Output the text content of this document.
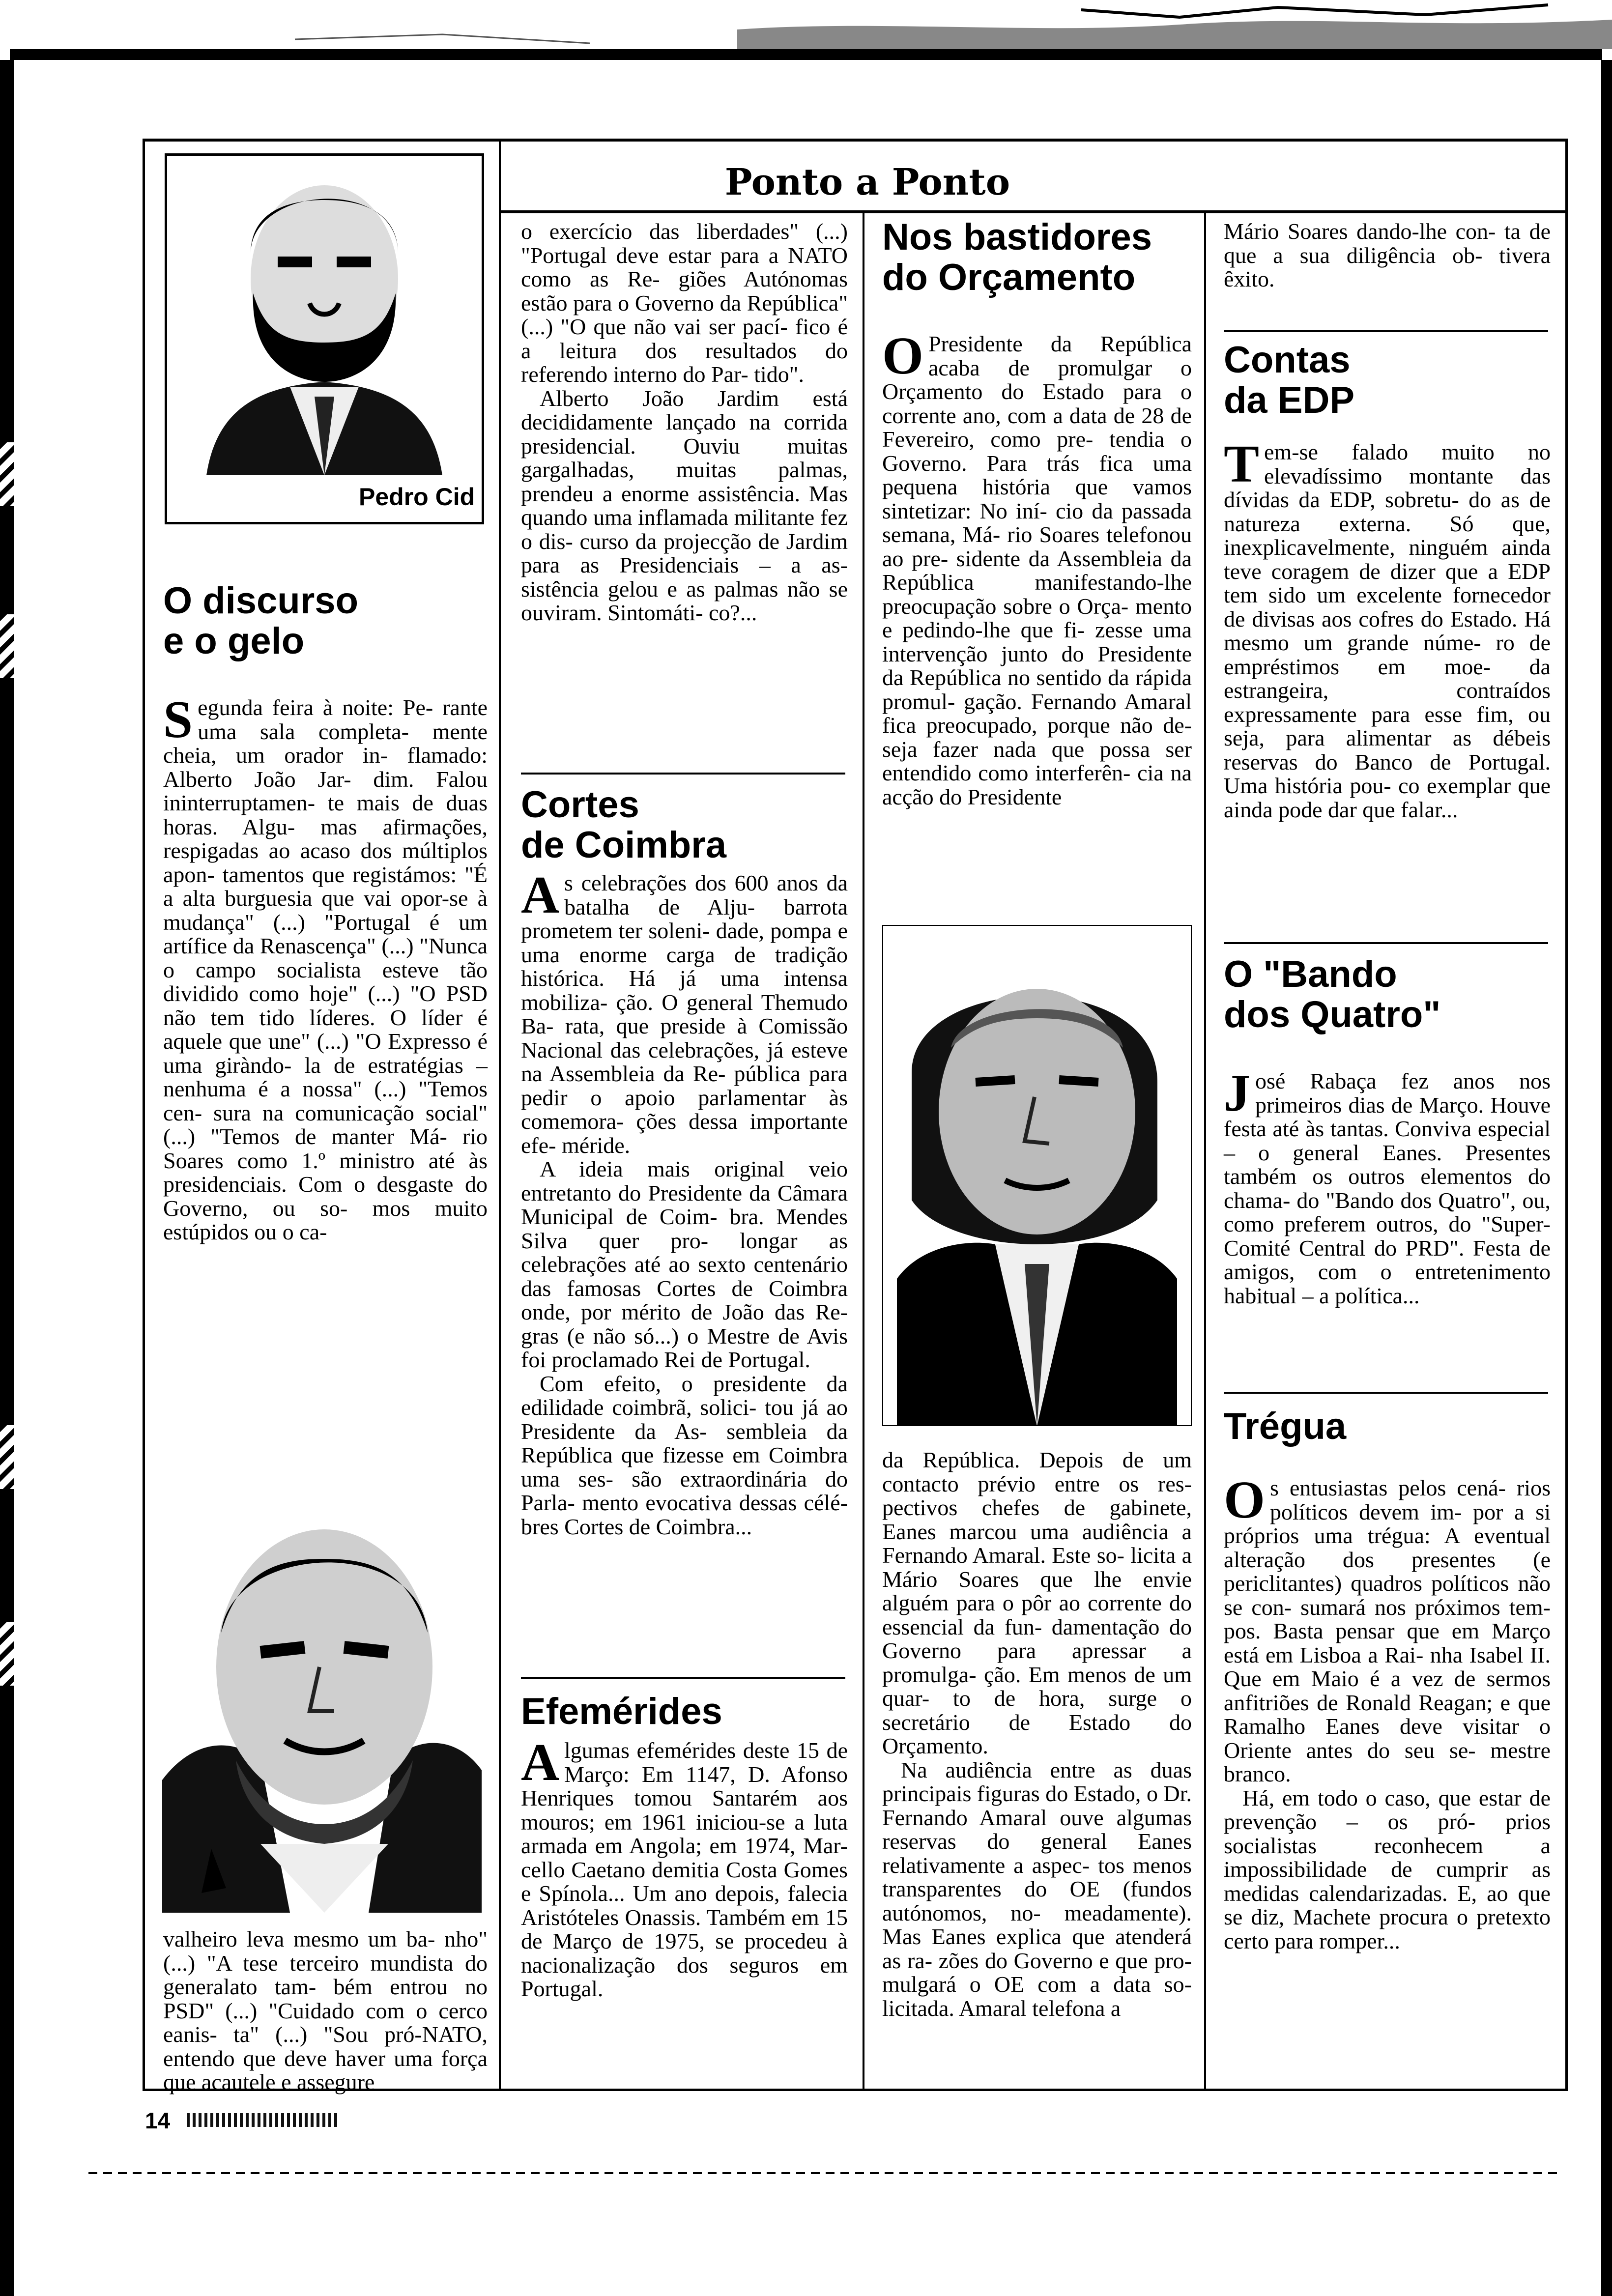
Ponto a Ponto
Pedro Cid
O discurso
e o gelo

Segunda feira à noite: Pe- rante uma sala completa- mente cheia, um orador in- flamado: Alberto João Jar- dim. Falou ininterruptamen- te mais de duas horas. Algu- mas afirmações, respigadas ao acaso dos múltiplos apon- tamentos que registámos: "É a alta burguesia que vai opor-se à mudança" (...) "Portugal é um artífice da Renascença" (...) "Nunca o campo socialista esteve tão dividido como hoje" (...) "O PSD não tem tido líderes. O líder é aquele que une" (...) "O Expresso é uma giràndo- la de estratégias – nenhuma é a nossa" (...) "Temos cen- sura na comunicação social" (...) "Temos de manter Má- rio Soares como 1.º ministro até às presidenciais. Com o desgaste do Governo, ou so- mos muito estúpidos ou o ca-

valheiro leva mesmo um ba- nho" (...) "A tese terceiro mundista do generalato tam- bém entrou no PSD" (...) "Cuidado com o cerco eanis- ta" (...) "Sou pró-NATO, entendo que deve haver uma força que acautele e assegure

o exercício das liberdades" (...) "Portugal deve estar para a NATO como as Re- giões Autónomas estão para o Governo da República" (...) "O que não vai ser pací- fico é a leitura dos resultados do referendo interno do Par- tido".

Alberto João Jardim está decididamente lançado na corrida presidencial. Ouviu muitas gargalhadas, muitas palmas, prendeu a enorme assistência. Mas quando uma inflamada militante fez o dis- curso da projecção de Jardim para as Presidenciais – a as- sistência gelou e as palmas não se ouviram. Sintomáti- co?...

Cortes
de Coimbra

As celebrações dos 600 anos da batalha de Alju- barrota prometem ter soleni- dade, pompa e uma enorme carga de tradição histórica. Há já uma intensa mobiliza- ção. O general Themudo Ba- rata, que preside à Comissão Nacional das celebrações, já esteve na Assembleia da Re- pública para pedir o apoio parlamentar às comemora- ções dessa importante efe- méride.

A ideia mais original veio entretanto do Presidente da Câmara Municipal de Coim- bra. Mendes Silva quer pro- longar as celebrações até ao sexto centenário das famosas Cortes de Coimbra onde, por mérito de João das Re- gras (e não só...) o Mestre de Avis foi proclamado Rei de Portugal.

Com efeito, o presidente da edilidade coimbrã, solici- tou já ao Presidente da As- sembleia da República que fizesse em Coimbra uma ses- são extraordinária do Parla- mento evocativa dessas célé- bres Cortes de Coimbra...

Efemérides

Algumas efemérides deste 15 de Março: Em 1147, D. Afonso Henriques tomou Santarém aos mouros; em 1961 iniciou-se a luta armada em Angola; em 1974, Mar- cello Caetano demitia Costa Gomes e Spínola... Um ano depois, falecia Aristóteles Onassis. Também em 15 de Março de 1975, se procedeu à nacionalização dos seguros em Portugal.

Nos bastidores
do Orçamento

O Presidente da República acaba de promulgar o Orçamento do Estado para o corrente ano, com a data de 28 de Fevereiro, como pre- tendia o Governo. Para trás fica uma pequena história que vamos sintetizar: No iní- cio da passada semana, Má- rio Soares telefonou ao pre- sidente da Assembleia da República manifestando-lhe preocupação sobre o Orça- mento e pedindo-lhe que fi- zesse uma intervenção junto do Presidente da República no sentido da rápida promul- gação. Fernando Amaral fica preocupado, porque não de- seja fazer nada que possa ser entendido como interferên- cia na acção do Presidente

da República. Depois de um contacto prévio entre os res- pectivos chefes de gabinete, Eanes marcou uma audiência a Fernando Amaral. Este so- licita a Mário Soares que lhe envie alguém para o pôr ao corrente do essencial da fun- damentação do Governo para apressar a promulga- ção. Em menos de um quar- to de hora, surge o secretário de Estado do Orçamento.

Na audiência entre as duas principais figuras do Estado, o Dr. Fernando Amaral ouve algumas reservas do general Eanes relativamente a aspec- tos menos transparentes do OE (fundos autónomos, no- meadamente). Mas Eanes explica que atenderá as ra- zões do Governo e que pro- mulgará o OE com a data so- licitada. Amaral telefona a

Mário Soares dando-lhe con- ta de que a sua diligência ob- tivera êxito.

Contas
da EDP

Tem-se falado muito no elevadíssimo montante das dívidas da EDP, sobretu- do as de natureza externa. Só que, inexplicavelmente, ninguém ainda teve coragem de dizer que a EDP tem sido um excelente fornecedor de divisas aos cofres do Estado. Há mesmo um grande núme- ro de empréstimos em moe- da estrangeira, contraídos expressamente para esse fim, ou seja, para alimentar as débeis reservas do Banco de Portugal. Uma história pou- co exemplar que ainda pode dar que falar...

O "Bando
dos Quatro"

José Rabaça fez anos nos primeiros dias de Março. Houve festa até às tantas. Conviva especial – o general Eanes. Presentes também os outros elementos do chama- do "Bando dos Quatro", ou, como preferem outros, do "Super-Comité Central do PRD". Festa de amigos, com o entretenimento habitual – a política...

Trégua

Os entusiastas pelos cená- rios políticos devem im- por a si próprios uma trégua: A eventual alteração dos presentes (e periclitantes) quadros políticos não se con- sumará nos próximos tem- pos. Basta pensar que em Março está em Lisboa a Rai- nha Isabel II. Que em Maio é a vez de sermos anfitriões de Ronald Reagan; e que Ramalho Eanes deve visitar o Oriente antes do seu se- mestre branco.

Há, em todo o caso, que estar de prevenção – os pró- prios socialistas reconhecem a impossibilidade de cumprir as medidas calendarizadas. E, ao que se diz, Machete procura o pretexto certo para romper...

14
